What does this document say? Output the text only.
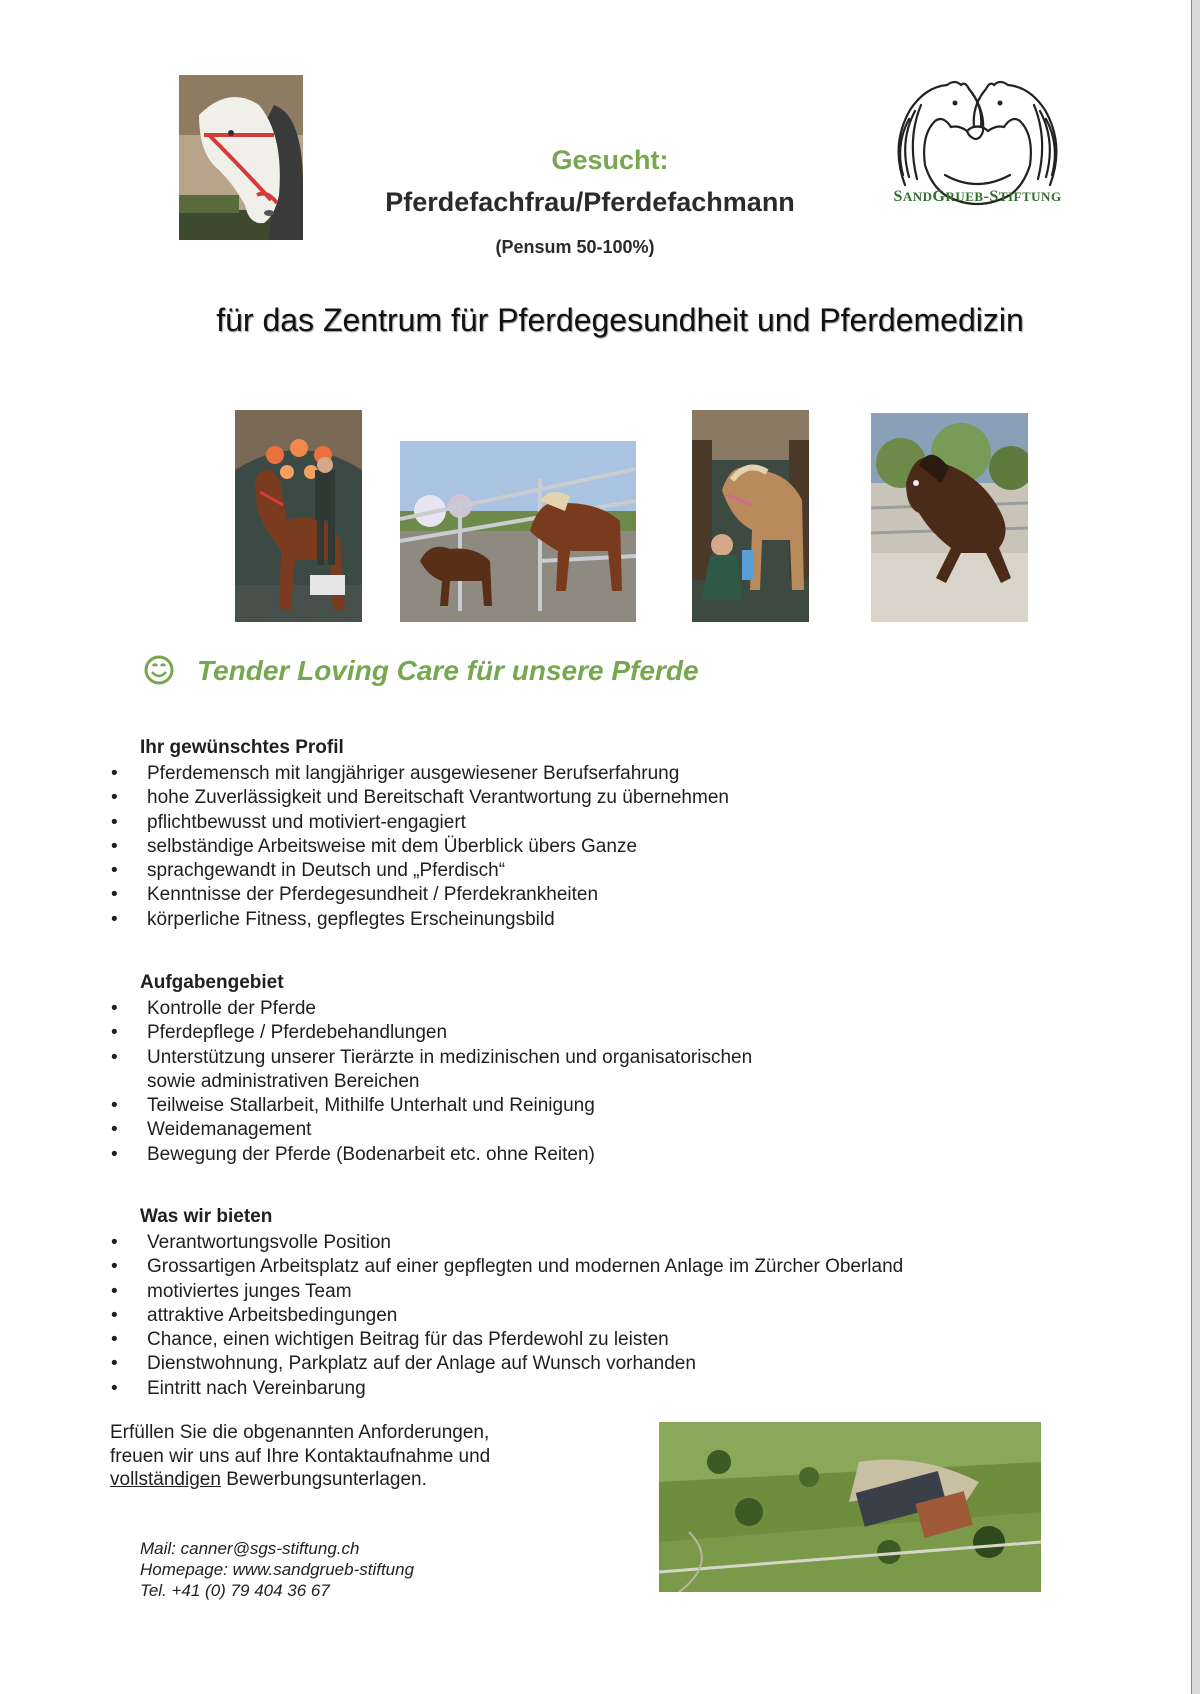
Gesucht:
Pferdefachfrau/Pferdefachmann
(Pensum 50-100%)
SANDGRUEB-STIFTUNG
für das Zentrum für Pferdegesundheit und Pferdemedizin
Tender Loving Care für unsere Pferde
Ihr gewünschtes Profil
• Pferdemensch mit langjähriger ausgewiesener Berufserfahrung
• hohe Zuverlässigkeit und Bereitschaft Verantwortung zu übernehmen
• pflichtbewusst und motiviert-engagiert
• selbständige Arbeitsweise mit dem Überblick übers Ganze
• sprachgewandt in Deutsch und „Pferdisch“
• Kenntnisse der Pferdegesundheit / Pferdekrankheiten
• körperliche Fitness, gepflegtes Erscheinungsbild
Aufgabengebiet
• Kontrolle der Pferde
• Pferdepflege / Pferdebehandlungen
• Unterstützung unserer Tierärzte in medizinischen und organisatorischen
sowie administrativen Bereichen
• Teilweise Stallarbeit, Mithilfe Unterhalt und Reinigung
• Weidemanagement
• Bewegung der Pferde (Bodenarbeit etc. ohne Reiten)
Was wir bieten
• Verantwortungsvolle Position
• Grossartigen Arbeitsplatz auf einer gepflegten und modernen Anlage im Zürcher Oberland
• motiviertes junges Team
• attraktive Arbeitsbedingungen
• Chance, einen wichtigen Beitrag für das Pferdewohl zu leisten
• Dienstwohnung, Parkplatz auf der Anlage auf Wunsch vorhanden
• Eintritt nach Vereinbarung
Erfüllen Sie die obgenannten Anforderungen,
freuen wir uns auf Ihre Kontaktaufnahme und
vollständigen Bewerbungsunterlagen.
Mail: canner@sgs-stiftung.ch
Homepage: www.sandgrueb-stiftung
Tel. +41 (0) 79 404 36 67
